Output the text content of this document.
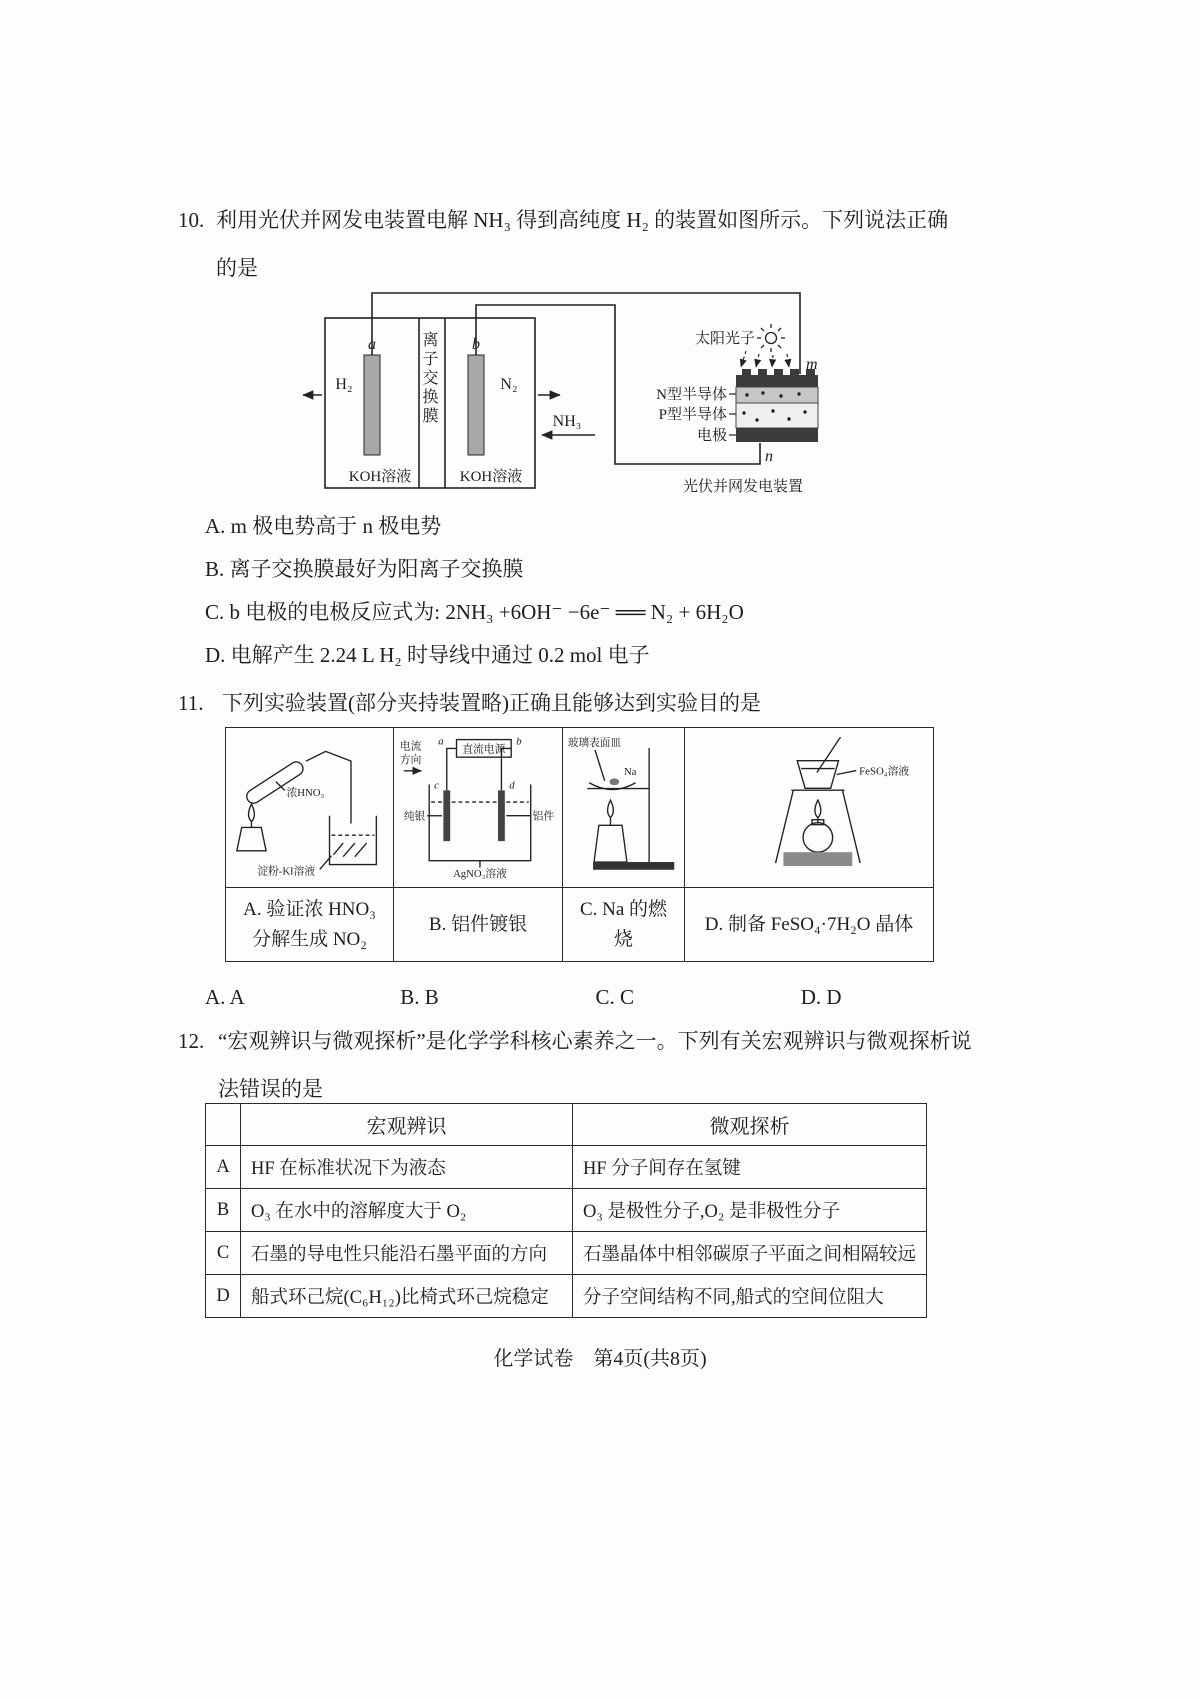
10. 利用光伏并网发电装置电解 NH₃ 得到高纯度 H₂ 的装置如图所示。下列说法正确
的是
a	b
H₂	N₂
NH₃
KOH溶液	KOH溶液
太阳光子
m
n
N型半导体
P型半导体
电极
光伏并网发电装置
离子交换膜
A. m 极电势高于 n 极电势
B. 离子交换膜最好为阳离子交换膜
C. b 电极的电极反应式为: 2NH₃ +6OH⁻ −6e⁻ ══ N₂ + 6H₂O
D. 电解产生 2.24 L H₂ 时导线中通过 0.2 mol 电子
11. 下列实验装置(部分夹持装置略)正确且能够达到实验目的是
浓HNO₃
淀粉-KI溶液

电流
方向
直流电源
a	b
c	d
纯银	铝件
AgNO₃溶液

玻璃表面皿
Na	FeSO₄溶液

A. 验证浓 HNO₃ 分解生成 NO₂	B. 铝件镀银	C. Na 的燃烧	D. 制备 FeSO₄·7H₂O 晶体
A. A	B. B	C. C	D. D
12. “宏观辨识与微观探析”是化学学科核心素养之一。下列有关宏观辨识与微观探析说
法错误的是
	宏观辨识	微观探析
A	HF 在标准状况下为液态	HF 分子间存在氢键
B	O₃ 在水中的溶解度大于 O₂	O₃ 是极性分子,O₂ 是非极性分子
C	石墨的导电性只能沿石墨平面的方向	石墨晶体中相邻碳原子平面之间相隔较远
D	船式环己烷(C₆H₁₂)比椅式环己烷稳定	分子空间结构不同,船式的空间位阻大
化学试卷　第4页(共8页)
